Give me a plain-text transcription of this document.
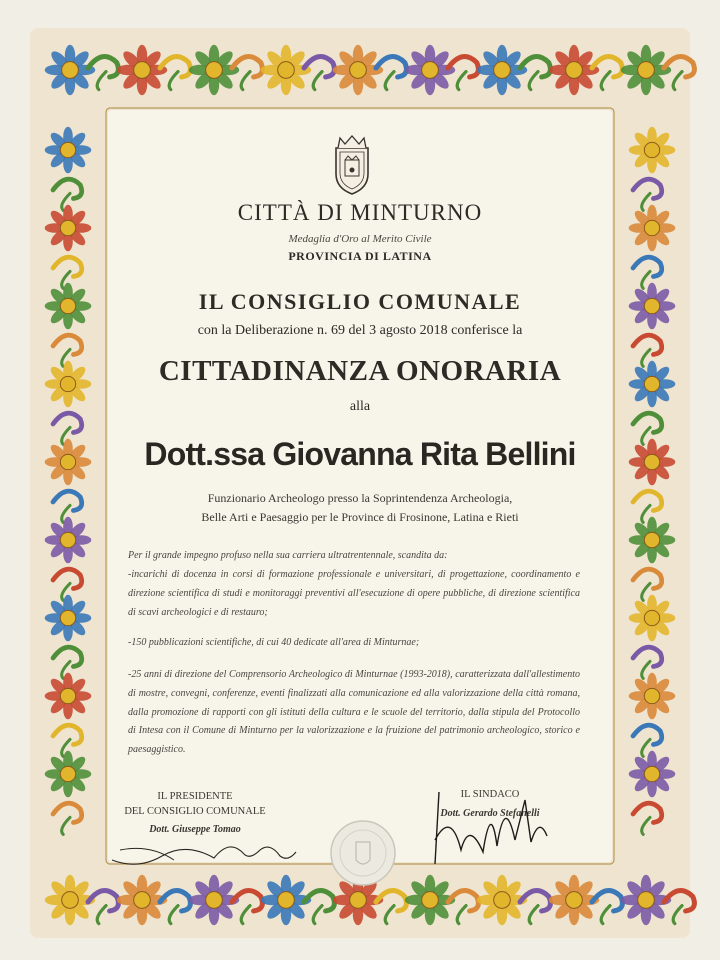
CITTÀ DI MINTURNO
Medaglia d'Oro al Merito Civile
PROVINCIA DI LATINA
IL CONSIGLIO COMUNALE
con la Deliberazione n. 69 del 3 agosto 2018 conferisce la
CITTADINANZA ONORARIA
alla
Dott.ssa Giovanna Rita Bellini
Funzionario Archeologo presso la Soprintendenza Archeologia,
Belle Arti e Paesaggio per le Province di Frosinone, Latina e Rieti
Per il grande impegno profuso nella sua carriera ultratrentennale, scandita da:
-incarichi di docenza in corsi di formazione professionale e universitari, di progettazione, coordinamento e direzione scientifica di studi e monitoraggi preventivi all'esecuzione di opere pubbliche, di direzione scientifica di scavi archeologici e di restauro;
-150 pubblicazioni scientifiche, di cui 40 dedicate all'area di Minturnae;
-25 anni di direzione del Comprensorio Archeologico di Minturnae (1993-2018), caratterizzata dall'allestimento di mostre, convegni, conferenze, eventi finalizzati alla comunicazione ed alla valorizzazione della città romana, dalla promozione di rapporti con gli istituti della cultura e le scuole del territorio, dalla stipula del Protocollo di Intesa con il Comune di Minturno per la valorizzazione e la fruizione del patrimonio archeologico, storico e paesaggistico.
IL PRESIDENTE
DEL CONSIGLIO COMUNALE
Dott. Giuseppe Tomao
IL SINDACO
Dott. Gerardo Stefanelli
